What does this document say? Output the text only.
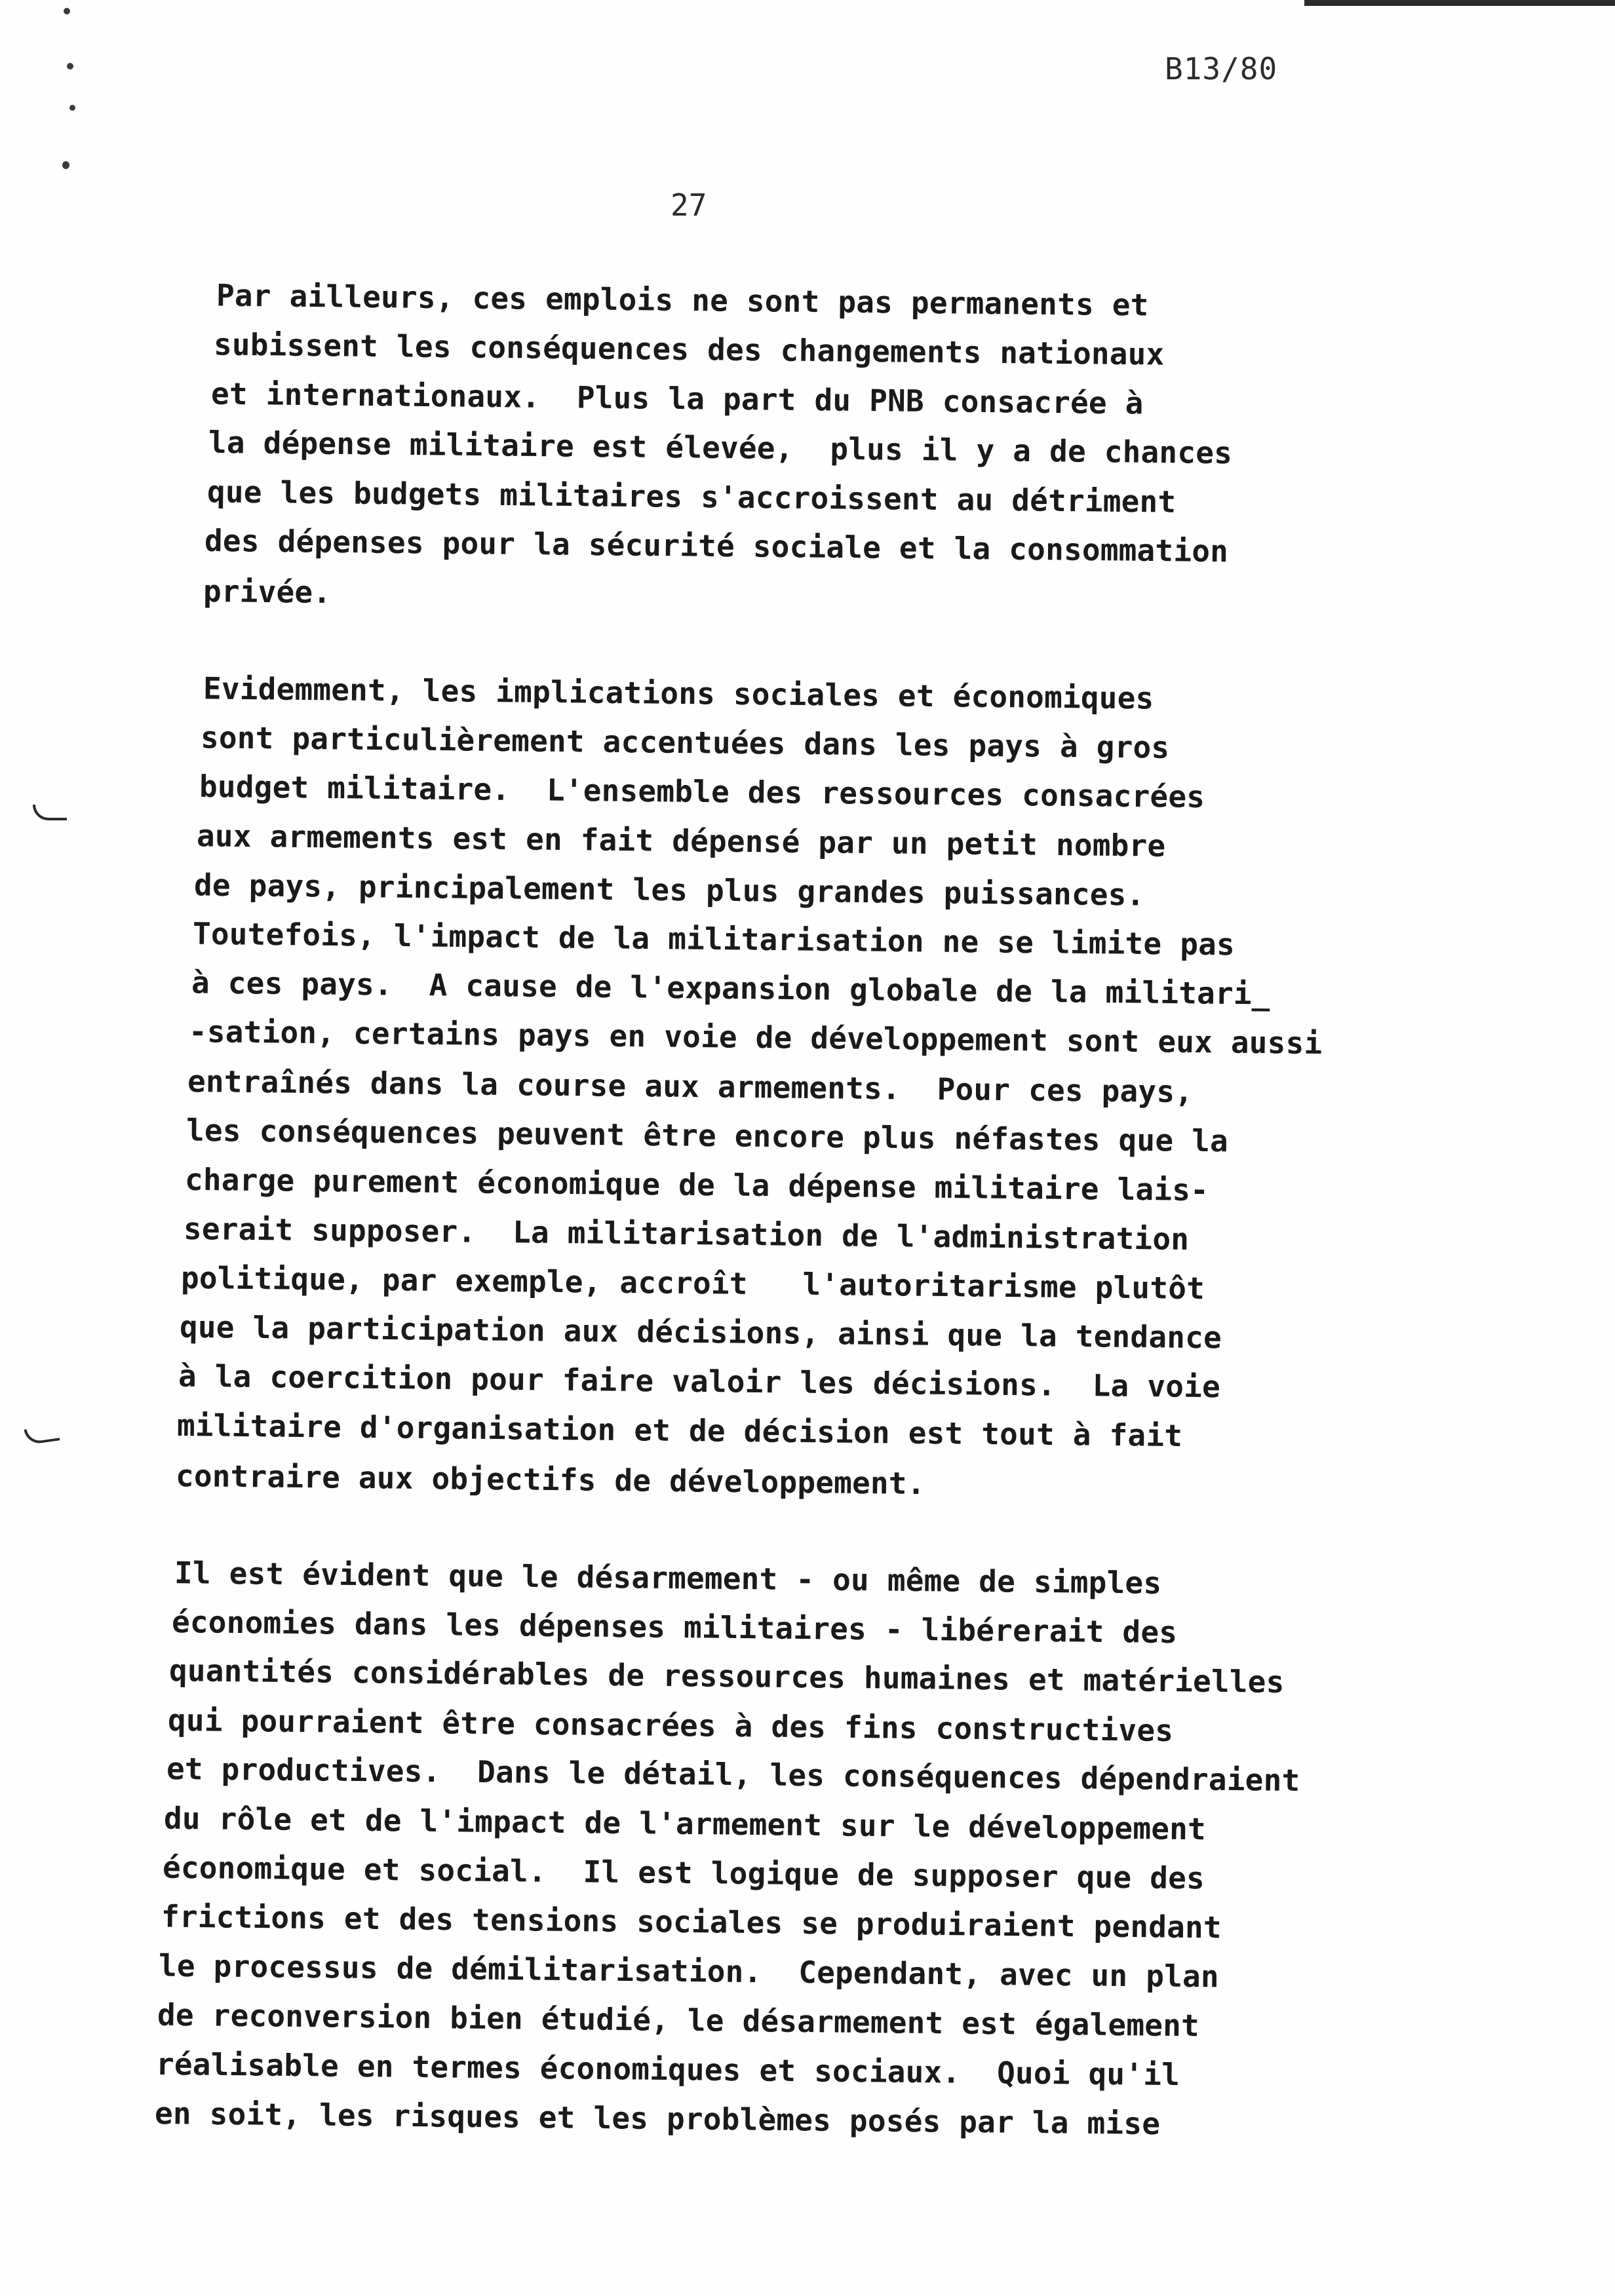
B13/80
27
Par ailleurs, ces emplois ne sont pas permanents et
subissent les conséquences des changements nationaux
et internationaux.  Plus la part du PNB consacrée à
la dépense militaire est élevée,  plus il y a de chances
que les budgets militaires s'accroissent au détriment
des dépenses pour la sécurité sociale et la consommation
privée.
Evidemment, les implications sociales et économiques
sont particulièrement accentuées dans les pays à gros
budget militaire.  L'ensemble des ressources consacrées
aux armements est en fait dépensé par un petit nombre
de pays, principalement les plus grandes puissances.
Toutefois, l'impact de la militarisation ne se limite pas
à ces pays.  A cause de l'expansion globale de la militari_
-sation, certains pays en voie de développement sont eux aussi
entraînés dans la course aux armements.  Pour ces pays,
les conséquences peuvent être encore plus néfastes que la
charge purement économique de la dépense militaire lais-
serait supposer.  La militarisation de l'administration
politique, par exemple, accroît   l'autoritarisme plutôt
que la participation aux décisions, ainsi que la tendance
à la coercition pour faire valoir les décisions.  La voie
militaire d'organisation et de décision est tout à fait
contraire aux objectifs de développement.
Il est évident que le désarmement - ou même de simples
économies dans les dépenses militaires - libérerait des
quantités considérables de ressources humaines et matérielles
qui pourraient être consacrées à des fins constructives
et productives.  Dans le détail, les conséquences dépendraient
du rôle et de l'impact de l'armement sur le développement
économique et social.  Il est logique de supposer que des
frictions et des tensions sociales se produiraient pendant
le processus de démilitarisation.  Cependant, avec un plan
de reconversion bien étudié, le désarmement est également
réalisable en termes économiques et sociaux.  Quoi qu'il
en soit, les risques et les problèmes posés par la mise
